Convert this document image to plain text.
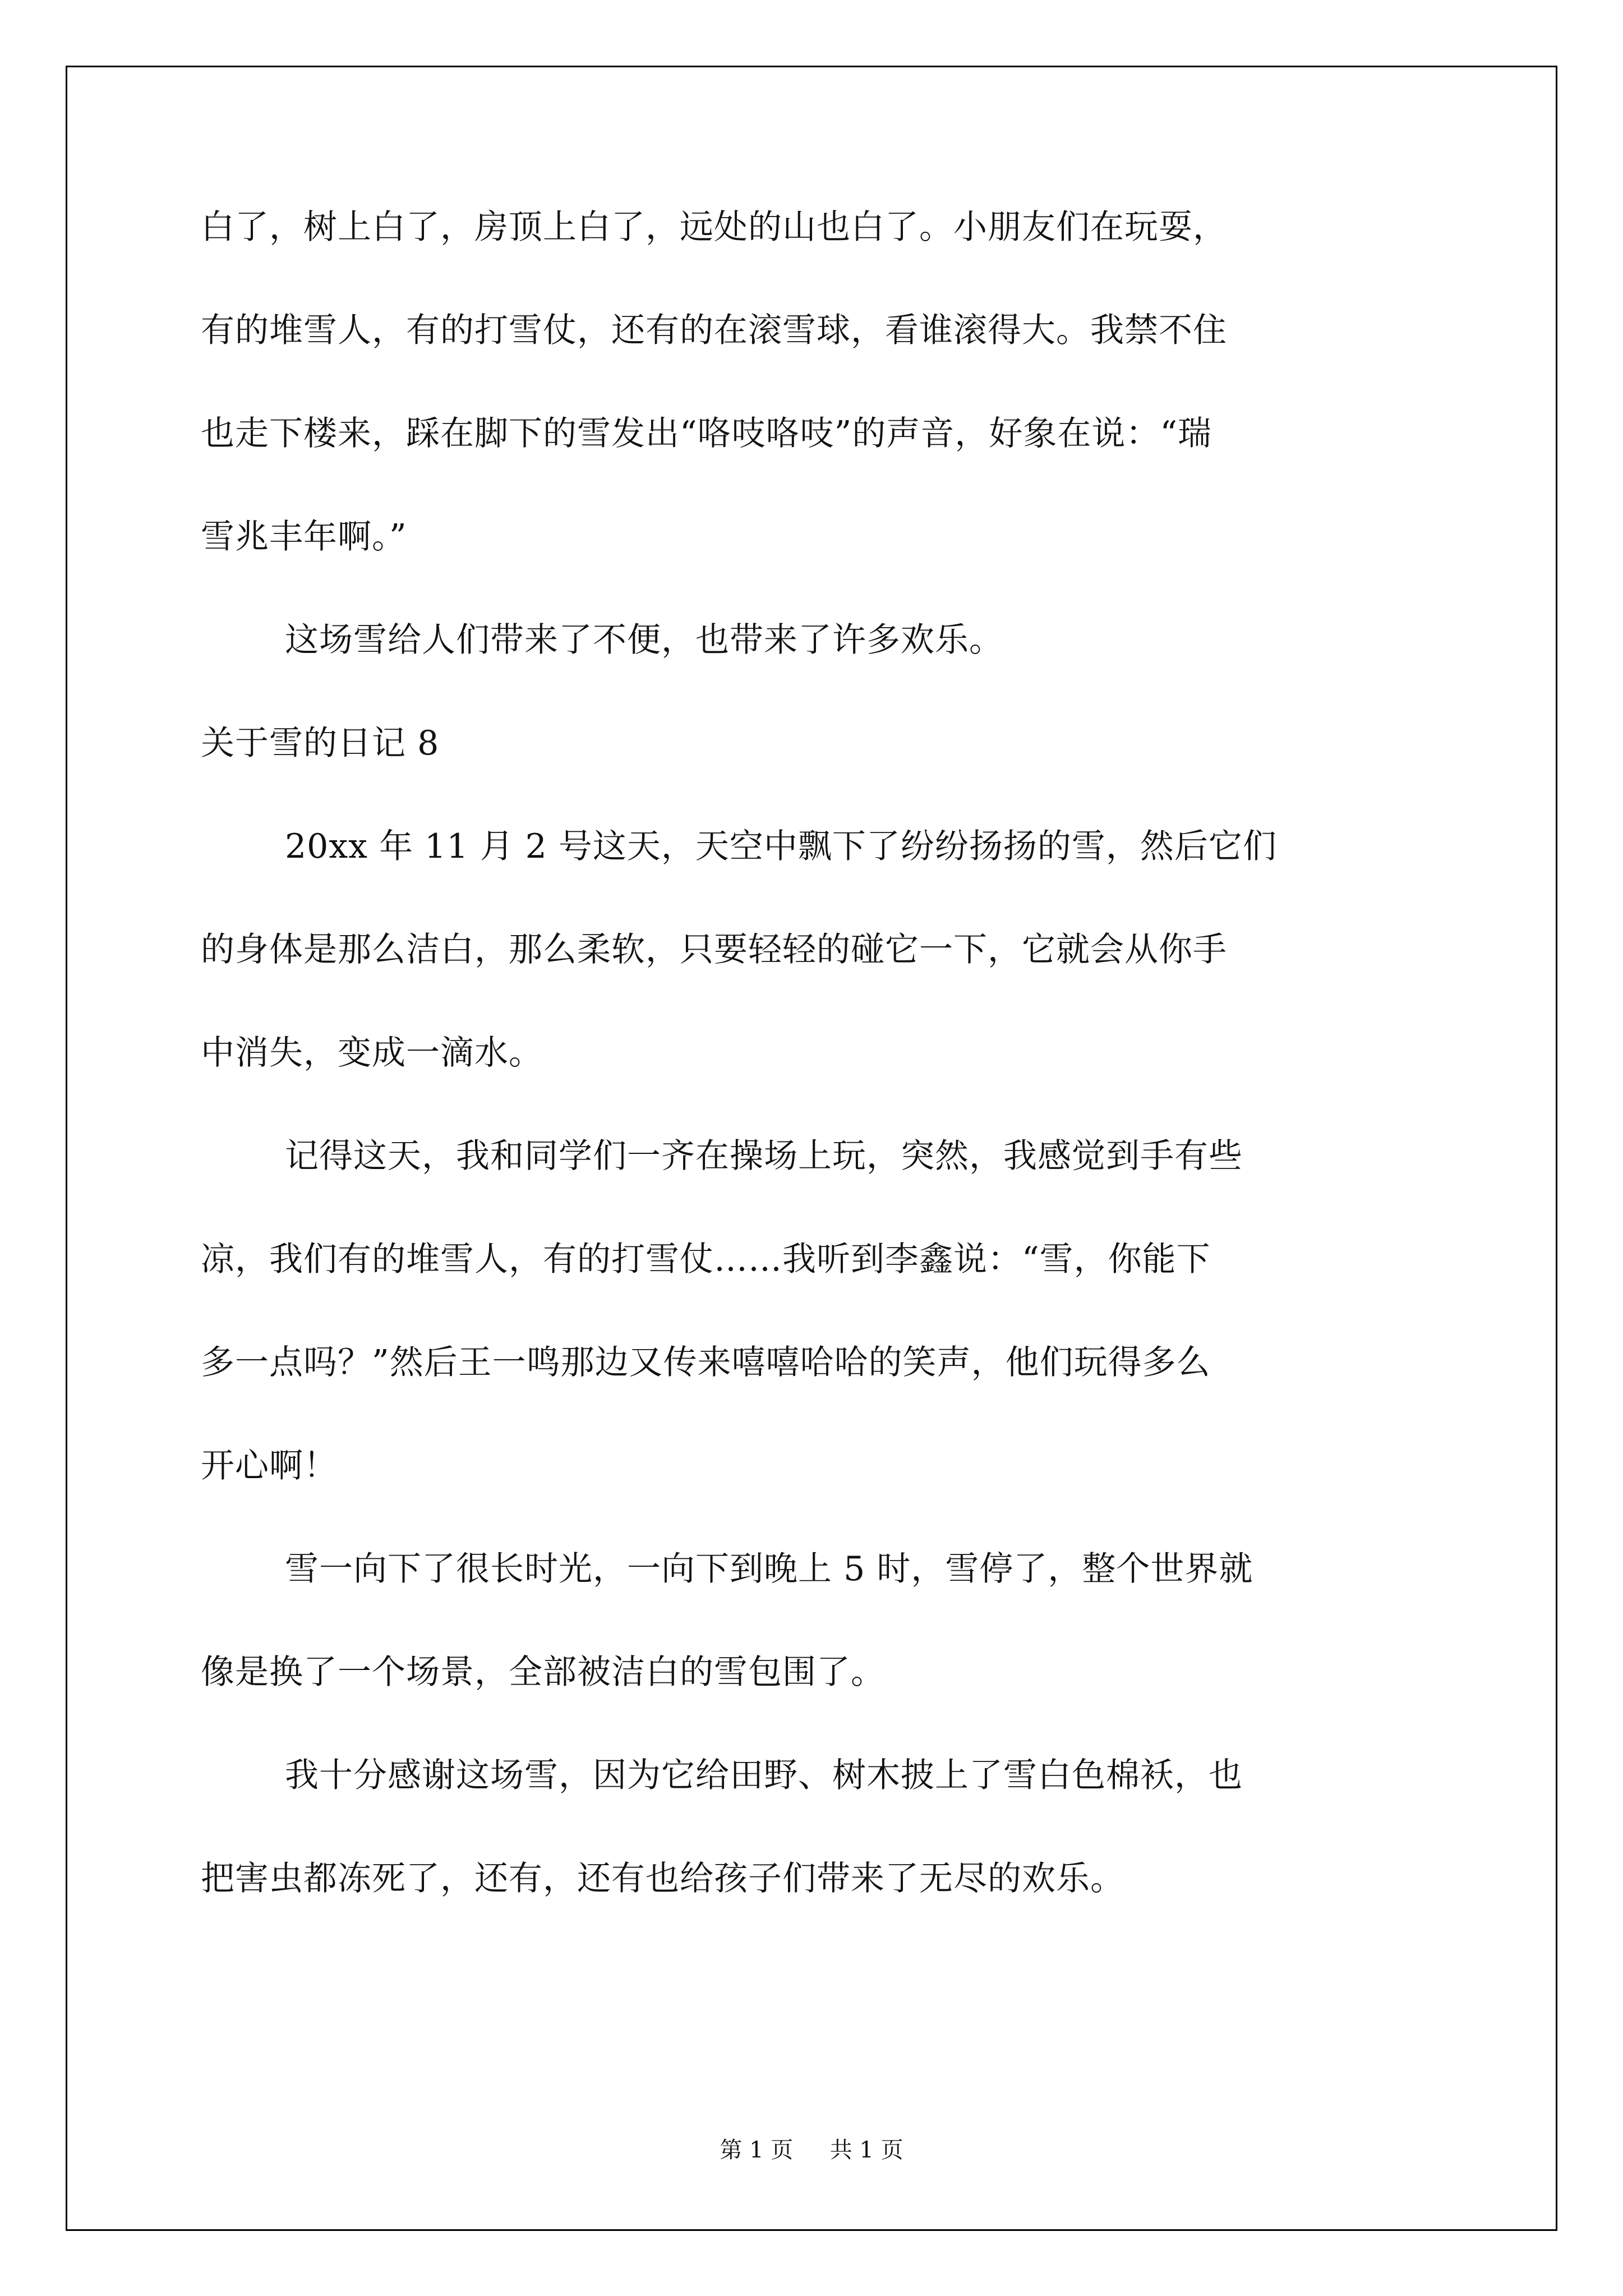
白了，树上白了，房顶上白了，远处的山也白了。小朋友们在玩耍，
有的堆雪人，有的打雪仗，还有的在滚雪球，看谁滚得大。我禁不住
也走下楼来，踩在脚下的雪发出“咯吱咯吱”的声音，好象在说：“瑞
雪兆丰年啊。”
这场雪给人们带来了不便，也带来了许多欢乐。
关于雪的日记 8
20xx 年 11 月 2 号这天，天空中飘下了纷纷扬扬的雪，然后它们
的身体是那么洁白，那么柔软，只要轻轻的碰它一下，它就会从你手
中消失，变成一滴水。
记得这天，我和同学们一齐在操场上玩，突然，我感觉到手有些
凉，我们有的堆雪人，有的打雪仗……我听到李鑫说：“雪，你能下
多一点吗？”然后王一鸣那边又传来嘻嘻哈哈的笑声，他们玩得多么
开心啊！
雪一向下了很长时光，一向下到晚上 5 时，雪停了，整个世界就
像是换了一个场景，全部被洁白的雪包围了。
我十分感谢这场雪，因为它给田野、树木披上了雪白色棉袄，也
把害虫都冻死了，还有，还有也给孩子们带来了无尽的欢乐。
第 1 页 共 1 页
